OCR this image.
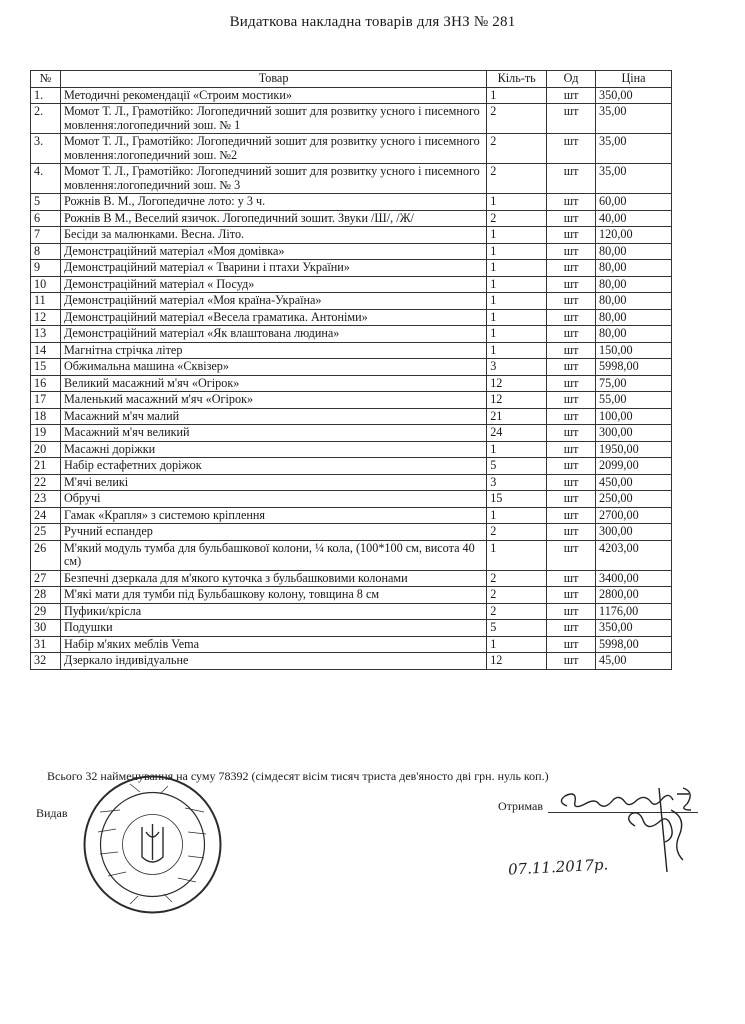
Видаткова накладна товарів для ЗНЗ № 281
№	Товар	Кіль-ть	Од	Ціна
1.	Методичні рекомендації «Строим мостики»	1	шт	350,00
2.	Момот Т. Л., Грамотійко: Логопедичний зошит для розвитку усного і писемного мовлення:логопедичний зош. № 1	2	шт	35,00
3.	Момот Т. Л., Грамотійко: Логопедичний зошит для розвитку усного і писемного мовлення:логопедичний зош. №2	2	шт	35,00
4.	Момот Т. Л., Грамотійко: Логопедчиний зошит для розвитку усного і писемного мовлення:логопедичний зош. № 3	2	шт	35,00
5	Рожнів В. М., Логопедичне лото: у 3 ч.	1	шт	60,00
6	Рожнів В М., Веселий язичок. Логопедичний зошит. Звуки /Ш/, /Ж/	2	шт	40,00
7	Бесіди за малюнками. Весна. Літо.	1	шт	120,00
8	Демонстраційний матеріал «Моя домівка»	1	шт	80,00
9	Демонстраційний матеріал « Тварини і птахи України»	1	шт	80,00
10	Демонстраційний матеріал « Посуд»	1	шт	80,00
11	Демонстраційний матеріал «Моя країна-Україна»	1	шт	80,00
12	Демонстраційний матеріал «Весела граматика. Антоніми»	1	шт	80,00
13	Демонстраційний матеріал «Як влаштована людина»	1	шт	80,00
14	Магнітна стрічка літер	1	шт	150,00
15	Обжимальна машина «Сквізер»	3	шт	5998,00
16	Великий масажний м'яч «Огірок»	12	шт	75,00
17	Маленький масажний м'яч «Огірок»	12	шт	55,00
18	Масажний м'яч малий	21	шт	100,00
19	Масажний м'яч великий	24	шт	300,00
20	Масажні доріжки	1	шт	1950,00
21	Набір естафетних доріжок	5	шт	2099,00
22	М'ячі великі	3	шт	450,00
23	Обручі	15	шт	250,00
24	Гамак «Крапля» з системою кріплення	1	шт	2700,00
25	Ручний еспандер	2	шт	300,00
26	М'який модуль тумба для бульбашкової колони, ¼ кола, (100*100 см, висота 40 см)	1	шт	4203,00
27	Безпечні дзеркала для м'якого куточка з бульбашковими колонами	2	шт	3400,00
28	М'які мати для тумби під Бульбашкову колону, товщина 8 см	2	шт	2800,00
29	Пуфики/крісла	2	шт	1176,00
30	Подушки	5	шт	350,00
31	Набір м'яких меблів Vema	1	шт	5998,00
32	Дзеркало індивідуальне	12	шт	45,00
Всього 32 найменування на суму 78392 (сімдесят вісім тисяч триста дев'яносто дві грн. нуль коп.)
Видав	Отримав
07.11.2017р.
